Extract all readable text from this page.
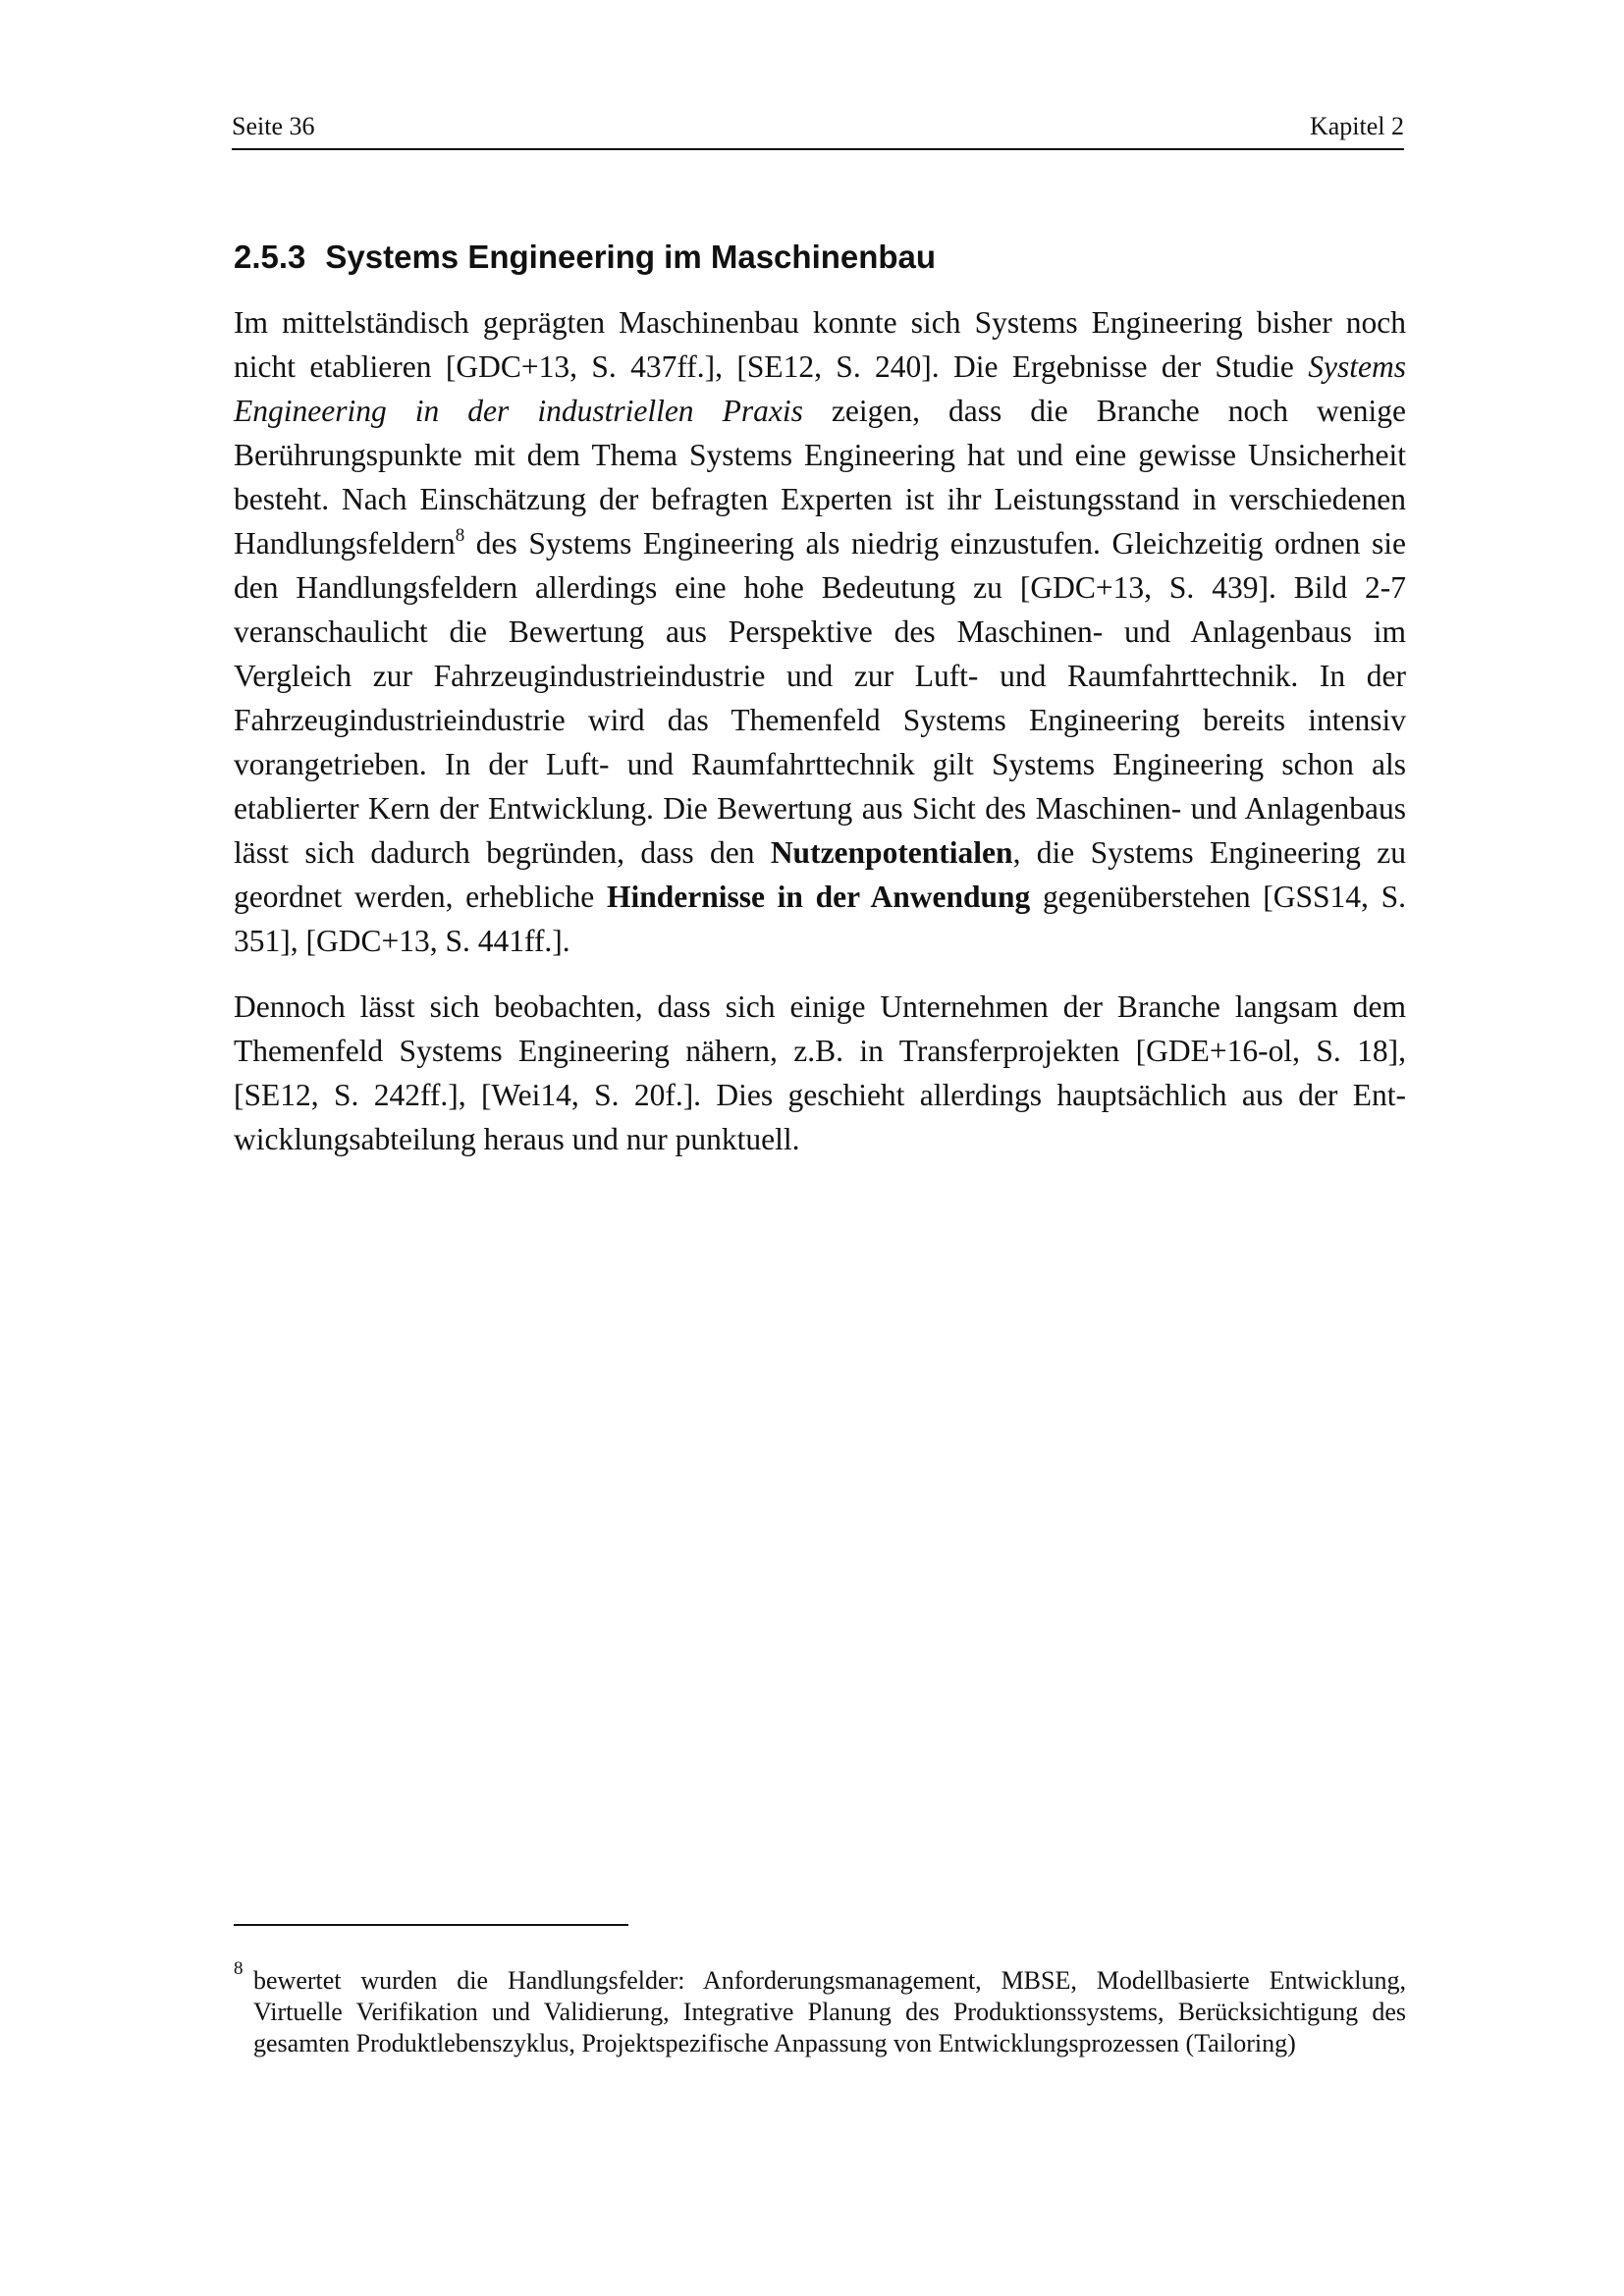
Seite 36	Kapitel 2
2.5.3 Systems Engineering im Maschinenbau

Im mittelständisch geprägten Maschinenbau konnte sich Systems Engineering bisher noch nicht etablieren [GDC+13, S. 437ff.], [SE12, S. 240]. Die Ergebnisse der Studie Systems Engineering in der industriellen Praxis zeigen, dass die Branche noch wenige Berührungspunkte mit dem Thema Systems Engineering hat und eine gewisse Unsicherheit besteht. Nach Einschätzung der befragten Experten ist ihr Leistungsstand in verschiedenen Handlungsfeldern$^8$ des Systems Engineering als niedrig einzustufen. Gleichzeitig ordnen sie den Handlungsfeldern allerdings eine hohe Bedeutung zu [GDC+13, S. 439]. Bild 2-7 veranschaulicht die Bewertung aus Perspektive des Maschinen- und Anlagenbaus im Vergleich zur Fahrzeugindustrieindustrie und zur Luft- und Raumfahrttechnik. In der Fahrzeugindustrieindustrie wird das Themenfeld Systems Engineering bereits intensiv vorangetrieben. In der Luft- und Raumfahrttechnik gilt Systems Engineering schon als etablierter Kern der Entwicklung. Die Bewertung aus Sicht des Maschinen- und Anlagenbaus lässt sich dadurch begründen, dass den Nutzenpotentialen, die Systems Engineering zu geordnet werden, erhebliche Hindernisse in der Anwendung gegenüberstehen [GSS14, S. 351], [GDC+13, S. 441ff.].

Dennoch lässt sich beobachten, dass sich einige Unternehmen der Branche langsam dem Themenfeld Systems Engineering nähern, z.B. in Transferprojekten [GDE+16-ol, S. 18], [SE12, S. 242ff.], [Wei14, S. 20f.]. Dies geschieht allerdings hauptsächlich aus der Entwicklungsabteilung heraus und nur punktuell.

8 bewertet wurden die Handlungsfelder: Anforderungsmanagement, MBSE, Modellbasierte Entwicklung, Virtuelle Verifikation und Validierung, Integrative Planung des Produktionssystems, Berücksichtigung des gesamten Produktlebenszyklus, Projektspezifische Anpassung von Entwicklungsprozessen (Tailoring)
